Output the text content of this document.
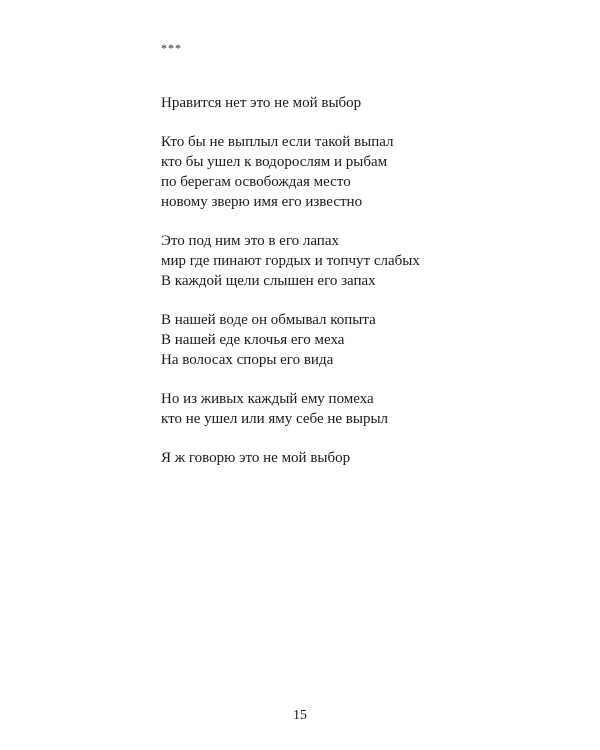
***

Нравится нет это не мой выбор

Кто бы не выплыл если такой выпал
кто бы ушел к водорослям и рыбам
по берегам освобождая место
новому зверю имя его известно
Это под ним это в его лапах
мир где пинают гордых и топчут слабых
В каждой щели слышен его запах
В нашей воде он обмывал копыта
В нашей еде клочья его меха
На волосах споры его вида
Но из живых каждый ему помеха
кто не ушел или яму себе не вырыл
Я ж говорю это не мой выбор
15
